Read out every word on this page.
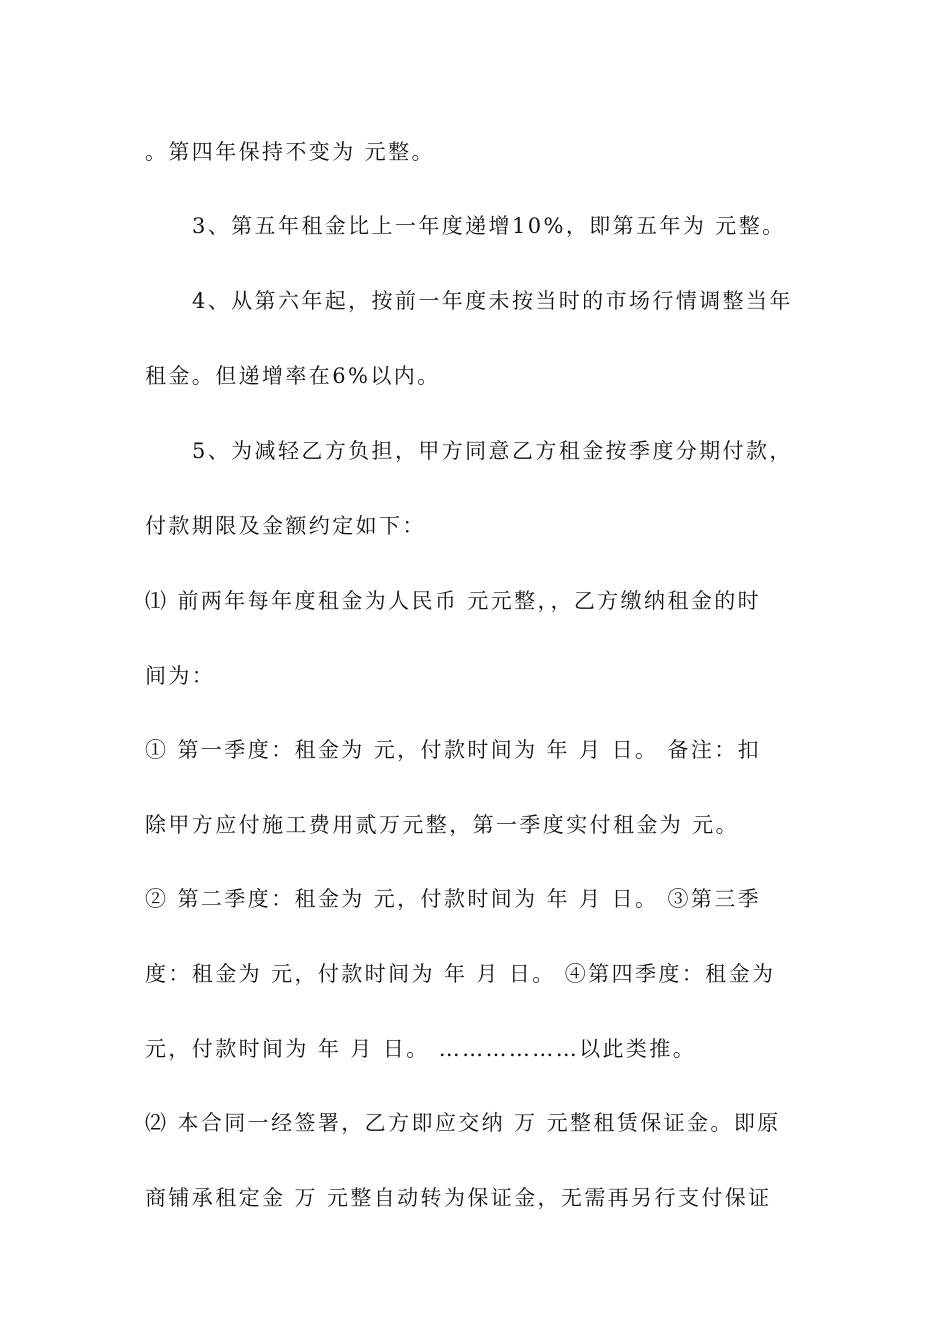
。第四年保持不变为 元整。
3、第五年租金比上一年度递增10%，即第五年为 元整。
4、从第六年起，按前一年度未按当时的市场行情调整当年
租金。但递增率在6%以内。
5、为减轻乙方负担，甲方同意乙方租金按季度分期付款，
付款期限及金额约定如下：
⑴ 前两年每年度租金为人民币 元元整，，乙方缴纳租金的时
间为：
① 第一季度：租金为 元，付款时间为 年 月 日。 备注：扣
除甲方应付施工费用贰万元整，第一季度实付租金为 元。
② 第二季度：租金为 元，付款时间为 年 月 日。 ③第三季
度：租金为 元，付款时间为 年 月 日。 ④第四季度：租金为
元，付款时间为 年 月 日。 ………………以此类推。
⑵ 本合同一经签署，乙方即应交纳 万 元整租赁保证金。即原
商铺承租定金 万 元整自动转为保证金，无需再另行支付保证
